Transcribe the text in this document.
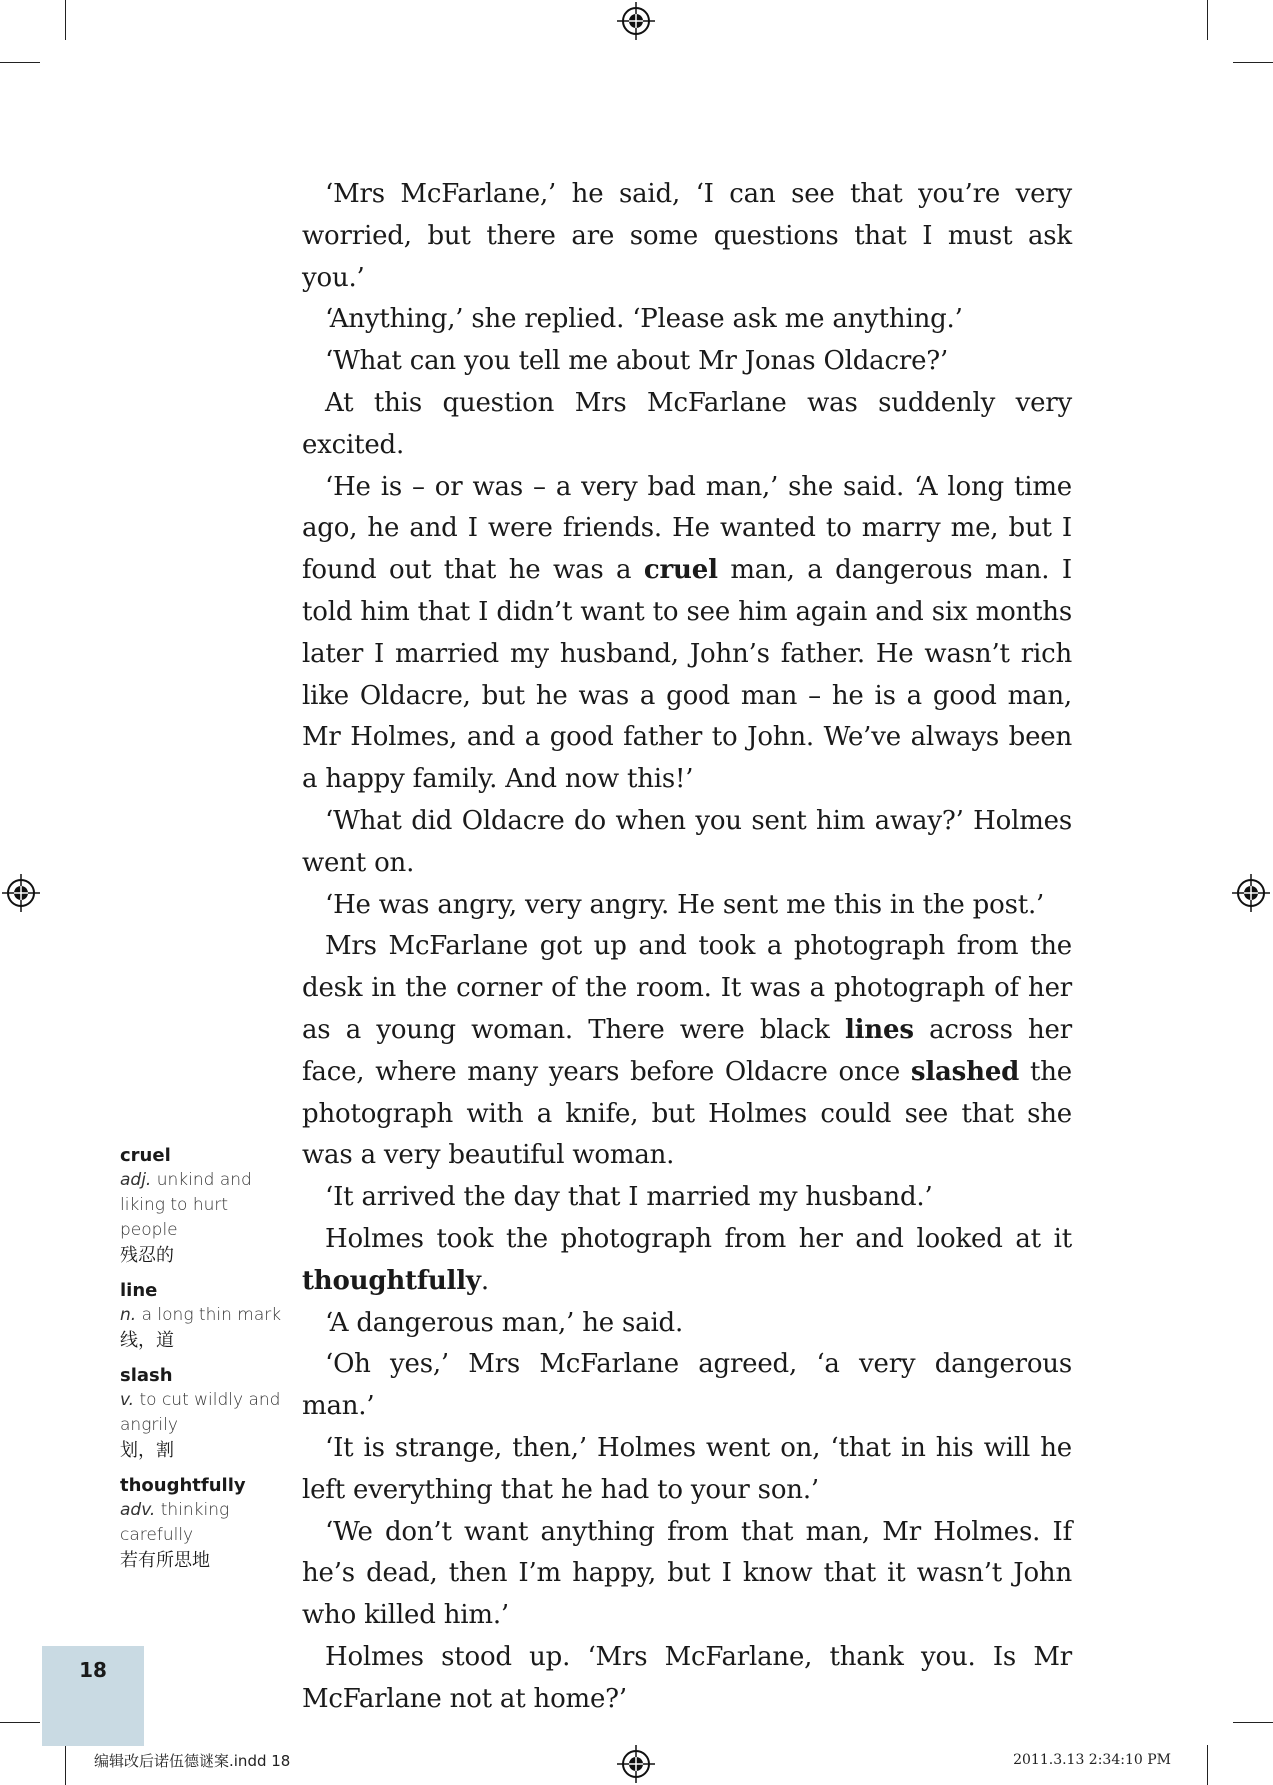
‘Mrs McFarlane,’ he said, ‘I can see that you’re very worried, but there are some questions that I must ask you.’

‘Anything,’ she replied. ‘Please ask me anything.’

‘What can you tell me about Mr Jonas Oldacre?’

At this question Mrs McFarlane was suddenly very excited.

‘He is – or was – a very bad man,’ she said. ‘A long time ago, he and I were friends. He wanted to marry me, but I found out that he was a cruel man, a dangerous man. I told him that I didn’t want to see him again and six months later I married my husband, John’s father. He wasn’t rich like Oldacre, but he was a good man – he is a good man, Mr Holmes, and a good father to John. We’ve always been a happy family. And now this!’

‘What did Oldacre do when you sent him away?’ Holmes went on.

‘He was angry, very angry. He sent me this in the post.’

Mrs McFarlane got up and took a photograph from the desk in the corner of the room. It was a photograph of her as a young woman. There were black lines across her face, where many years before Oldacre once slashed the photograph with a knife, but Holmes could see that she was a very beautiful woman.

‘It arrived the day that I married my husband.’

Holmes took the photograph from her and looked at it thoughtfully.

‘A dangerous man,’ he said.

‘Oh yes,’ Mrs McFarlane agreed, ‘a very dangerous man.’

‘It is strange, then,’ Holmes went on, ‘that in his will he left everything that he had to your son.’

‘We don’t want anything from that man, Mr Holmes. If he’s dead, then I’m happy, but I know that it wasn’t John who killed him.’

Holmes stood up. ‘Mrs McFarlane, thank you. Is Mr McFarlane not at home?’

cruel
adj. unkind and liking to hurt people
残忍的
line
n. a long thin mark
线，道
slash
v. to cut wildly and angrily
划，割
thoughtfully
adv. thinking carefully
若有所思地
18
编辑改后诺伍德谜案.indd 18	2011.3.13 2:34:10 PM
